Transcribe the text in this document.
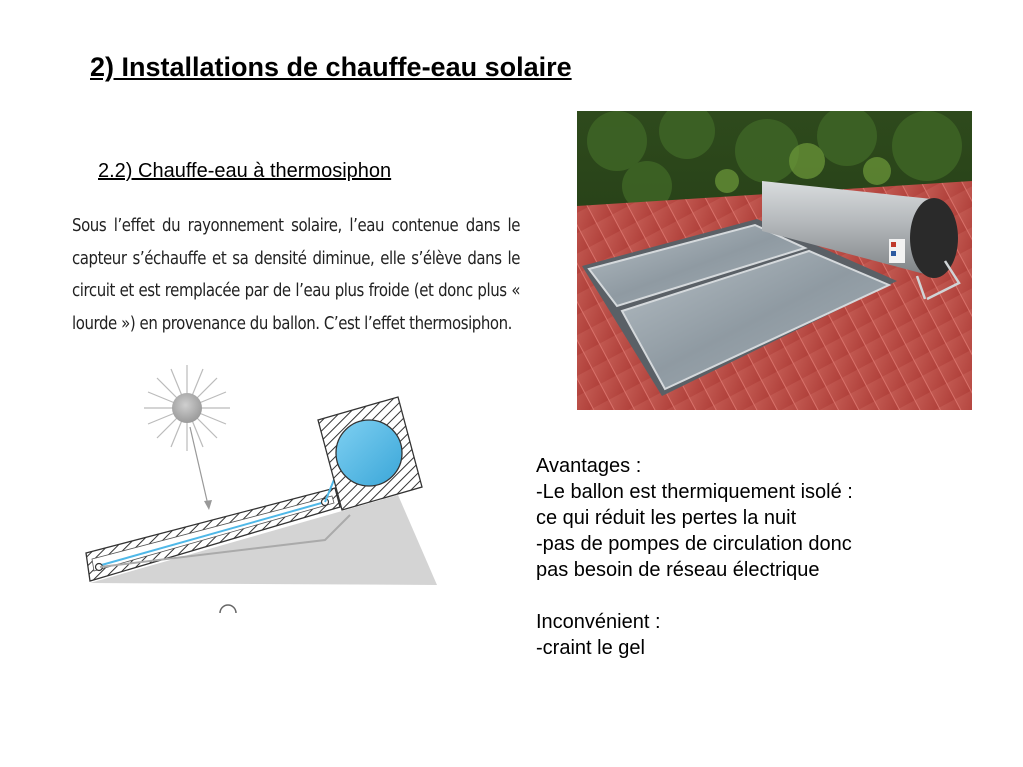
2) Installations de chauffe-eau solaire
2.2) Chauffe-eau à thermosiphon
Sous l’effet du rayonnement solaire, l’eau contenue dans le capteur s’échauffe et sa densité diminue, elle s’élève dans le circuit et est remplacée par de l’eau plus froide (et donc plus « lourde ») en provenance du ballon. C’est l’effet thermosiphon.
Avantages :
-Le ballon est thermiquement isolé :
ce qui réduit les pertes la nuit
-pas de pompes de circulation donc
pas besoin de réseau électrique
Inconvénient :
-craint le gel
